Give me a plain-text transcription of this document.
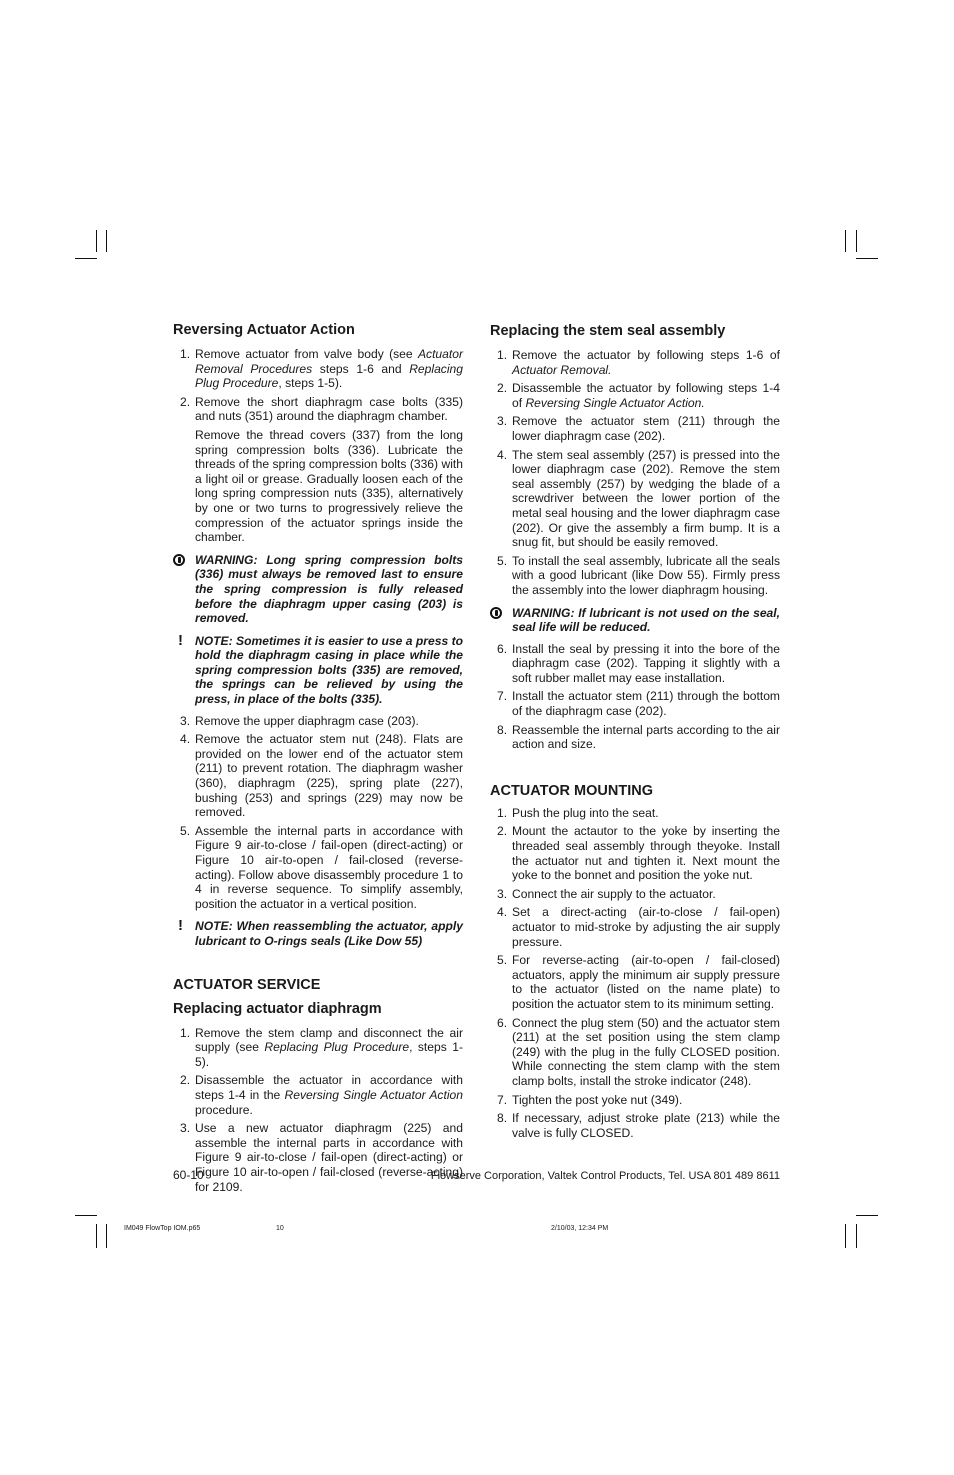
Reversing Actuator Action
1. Remove actuator from valve body (see Actuator Removal Procedures steps 1-6 and Replacing Plug Procedure, steps 1-5).
2. Remove the short diaphragm case bolts (335) and nuts (351) around the diaphragm chamber.
Remove the thread covers (337) from the long spring compression bolts (336). Lubricate the threads of the spring compression bolts (336) with a light oil or grease. Gradually loosen each of the long spring compression nuts (335), alternatively by one or two turns to progressively relieve the compression of the actuator springs inside the chamber.
WARNING: Long spring compression bolts (336) must always be removed last to ensure the spring compression is fully released before the diaphragm upper casing (203) is removed.
! NOTE: Sometimes it is easier to use a press to hold the diaphragm casing in place while the spring compression bolts (335) are removed, the springs can be relieved by using the press, in place of the bolts (335).
3. Remove the upper diaphragm case (203).
4. Remove the actuator stem nut (248). Flats are provided on the lower end of the actuator stem (211) to prevent rotation. The diaphragm washer (360), diaphragm (225), spring plate (227), bushing (253) and springs (229) may now be removed.
5. Assemble the internal parts in accordance with Figure 9 air-to-close / fail-open (direct-acting) or Figure 10 air-to-open / fail-closed (reverse-acting). Follow above disassembly procedure 1 to 4 in reverse sequence. To simplify assembly, position the actuator in a vertical position.
! NOTE: When reassembling the actuator, apply lubricant to O-rings seals (Like Dow 55)
ACTUATOR SERVICE
Replacing actuator diaphragm
1. Remove the stem clamp and disconnect the air supply (see Replacing Plug Procedure, steps 1-5).
2. Disassemble the actuator in accordance with steps 1-4 in the Reversing Single Actuator Action procedure.
3. Use a new actuator diaphragm (225) and assemble the internal parts in accordance with Figure 9 air-to-close / fail-open (direct-acting) or Figure 10 air-to-open / fail-closed (reverse-acting) for 2109.
Replacing the stem seal assembly
1. Remove the actuator by following steps 1-6 of Actuator Removal.
2. Disassemble the actuator by following steps 1-4 of Reversing Single Actuator Action.
3. Remove the actuator stem (211) through the lower diaphragm case (202).
4. The stem seal assembly (257) is pressed into the lower diaphragm case (202). Remove the stem seal assembly (257) by wedging the blade of a screwdriver between the lower portion of the metal seal housing and the lower diaphragm case (202). Or give the assembly a firm bump. It is a snug fit, but should be easily removed.
5. To install the seal assembly, lubricate all the seals with a good lubricant (like Dow 55). Firmly press the assembly into the lower diaphragm housing.
WARNING: If lubricant is not used on the seal, seal life will be reduced.
6. Install the seal by pressing it into the bore of the diaphragm case (202). Tapping it slightly with a soft rubber mallet may ease installation.
7. Install the actuator stem (211) through the bottom of the diaphragm case (202).
8. Reassemble the internal parts according to the air action and size.
ACTUATOR MOUNTING
1. Push the plug into the seat.
2. Mount the actautor to the yoke by inserting the threaded seal assembly through theyoke. Install the actuator nut and tighten it. Next mount the yoke to the bonnet and position the yoke nut.
3. Connect the air supply to the actuator.
4. Set a direct-acting (air-to-close / fail-open) actuator to mid-stroke by adjusting the air supply pressure.
5. For reverse-acting (air-to-open / fail-closed) actuators, apply the minimum air supply pressure to the actuator (listed on the name plate) to position the actuator stem to its minimum setting.
6. Connect the plug stem (50) and the actuator stem (211) at the set position using the stem clamp (249) with the plug in the fully CLOSED position. While connecting the stem clamp with the stem clamp bolts, install the stroke indicator (248).
7. Tighten the post yoke nut (349).
8. If necessary, adjust stroke plate (213) while the valve is fully CLOSED.
60-10	Flowserve Corporation, Valtek Control Products, Tel. USA 801 489 8611
IM049 FlowTop IOM.p65	10	2/10/03, 12:34 PM
